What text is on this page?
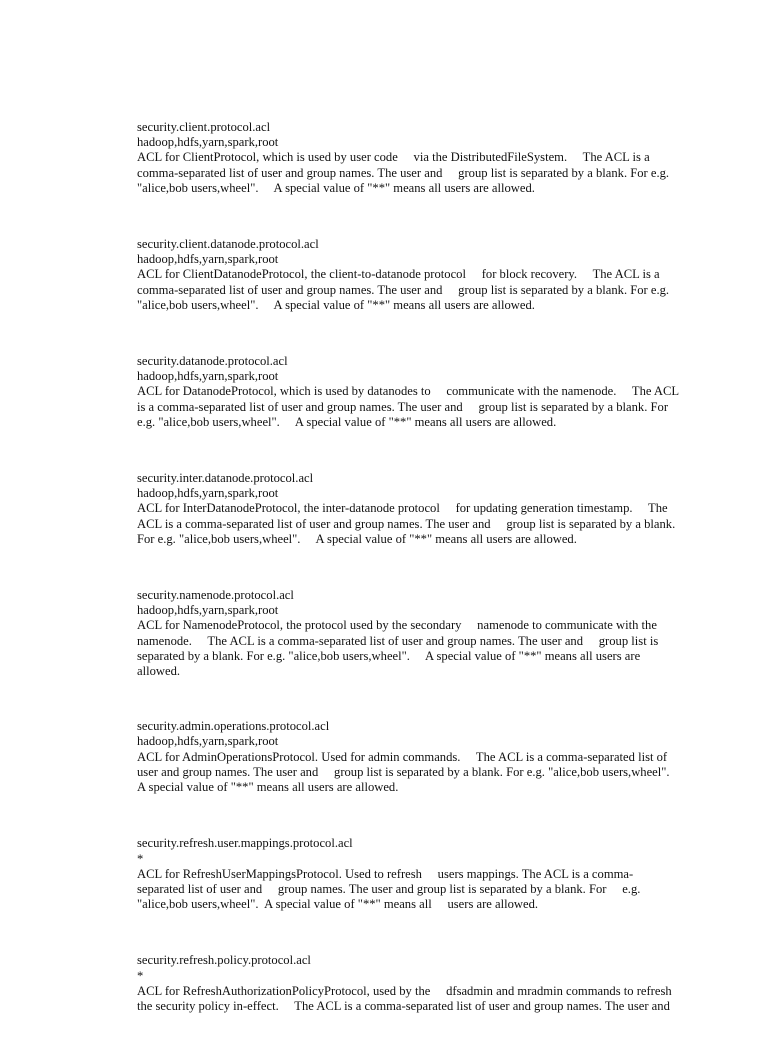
security.client.protocol.acl
hadoop,hdfs,yarn,spark,root
ACL for ClientProtocol, which is used by user code     via the DistributedFileSystem.     The ACL is a
comma-separated list of user and group names. The user and     group list is separated by a blank. For e.g.
"alice,bob users,wheel".     A special value of "**" means all users are allowed.
security.client.datanode.protocol.acl
hadoop,hdfs,yarn,spark,root
ACL for ClientDatanodeProtocol, the client-to-datanode protocol     for block recovery.     The ACL is a
comma-separated list of user and group names. The user and     group list is separated by a blank. For e.g.
"alice,bob users,wheel".     A special value of "**" means all users are allowed.
security.datanode.protocol.acl
hadoop,hdfs,yarn,spark,root
ACL for DatanodeProtocol, which is used by datanodes to     communicate with the namenode.     The ACL
is a comma-separated list of user and group names. The user and     group list is separated by a blank. For
e.g. "alice,bob users,wheel".     A special value of "**" means all users are allowed.
security.inter.datanode.protocol.acl
hadoop,hdfs,yarn,spark,root
ACL for InterDatanodeProtocol, the inter-datanode protocol     for updating generation timestamp.     The
ACL is a comma-separated list of user and group names. The user and     group list is separated by a blank.
For e.g. "alice,bob users,wheel".     A special value of "**" means all users are allowed.
security.namenode.protocol.acl
hadoop,hdfs,yarn,spark,root
ACL for NamenodeProtocol, the protocol used by the secondary     namenode to communicate with the
namenode.     The ACL is a comma-separated list of user and group names. The user and     group list is
separated by a blank. For e.g. "alice,bob users,wheel".     A special value of "**" means all users are
allowed.
security.admin.operations.protocol.acl
hadoop,hdfs,yarn,spark,root
ACL for AdminOperationsProtocol. Used for admin commands.     The ACL is a comma-separated list of
user and group names. The user and     group list is separated by a blank. For e.g. "alice,bob users,wheel".
A special value of "**" means all users are allowed.
security.refresh.user.mappings.protocol.acl
*
ACL for RefreshUserMappingsProtocol. Used to refresh     users mappings. The ACL is a comma-
separated list of user and     group names. The user and group list is separated by a blank. For     e.g.
"alice,bob users,wheel".  A special value of "**" means all     users are allowed.
security.refresh.policy.protocol.acl
*
ACL for RefreshAuthorizationPolicyProtocol, used by the     dfsadmin and mradmin commands to refresh
the security policy in-effect.     The ACL is a comma-separated list of user and group names. The user and
